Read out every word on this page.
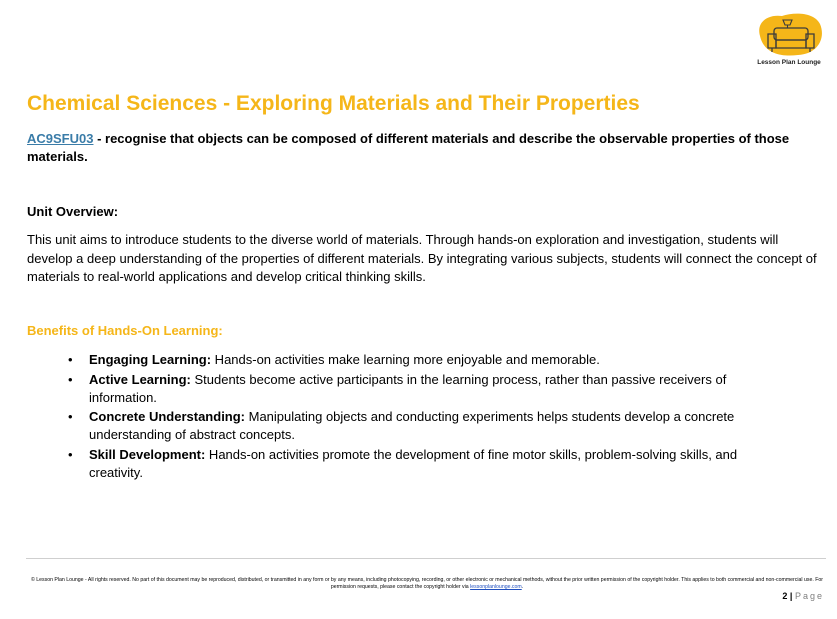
Lesson Plan Lounge
Chemical Sciences - Exploring Materials and Their Properties
AC9SFU03 - recognise that objects can be composed of different materials and describe the observable properties of those materials.
Unit Overview:
This unit aims to introduce students to the diverse world of materials. Through hands-on exploration and investigation, students will develop a deep understanding of the properties of different materials. By integrating various subjects, students will connect the concept of materials to real-world applications and develop critical thinking skills.
Benefits of Hands-On Learning:
• Engaging Learning: Hands-on activities make learning more enjoyable and memorable.
• Active Learning: Students become active participants in the learning process, rather than passive receivers of information.
• Concrete Understanding: Manipulating objects and conducting experiments helps students develop a concrete understanding of abstract concepts.
• Skill Development: Hands-on activities promote the development of fine motor skills, problem-solving skills, and creativity.
© Lesson Plan Lounge - All rights reserved. No part of this document may be reproduced, distributed, or transmitted in any form or by any means, including photocopying, recording, or other electronic or mechanical methods, without the prior written permission of the copyright holder. This applies to both commercial and non-commercial use. For permission requests, please contact the copyright holder via lessonplanlounge.com.
2 | Page
